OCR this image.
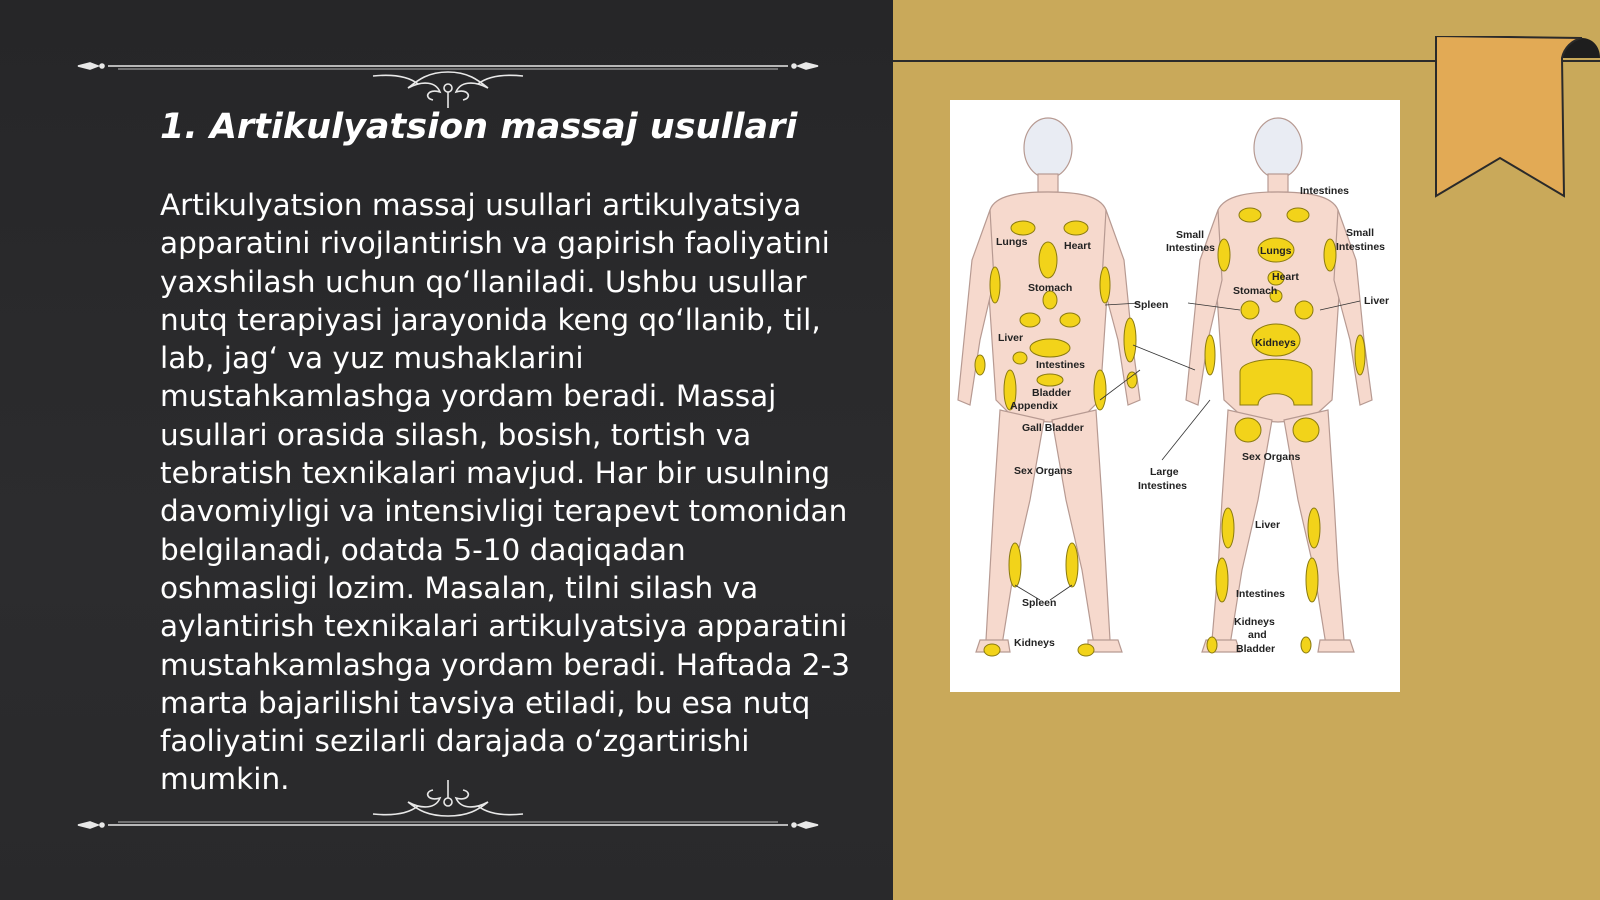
1. Artikulyatsion massaj usullari

Artikulyatsion massaj usullari artikulyatsiya apparatini rivojlantirish va gapirish faoliyatini yaxshilash uchun qo‘llaniladi. Ushbu usullar nutq terapiyasi jarayonida keng qo‘llanib, til, lab, jag‘ va yuz mushaklarini mustahkamlashga yordam beradi. Massaj usullari orasida silash, bosish, tortish va tebratish texnikalari mavjud. Har bir usulning davomiyligi va intensivligi terapevt tomonidan belgilanadi, odatda 5-10 daqiqadan oshmasligi lozim. Masalan, tilni silash va aylantirish texnikalari artikulyatsiya apparatini mustahkamlashga yordam beradi. Haftada 2-3 marta bajarilishi tavsiya etiladi, bu esa nutq faoliyatini sezilarli darajada o‘zgartirishi mumkin.

Lungs	Heart
Stomach
Liver
Intestines
Bladder
Appendix
Gall Bladder
Sex Organs
Spleen
Kidneys
Spleen
Large
Intestines
Intestines
Small
Intestines
Small
Intestines
Lungs
Heart
Stomach
Liver
Kidneys
Sex Organs
Liver
Intestines
Kidneys
and
Bladder
